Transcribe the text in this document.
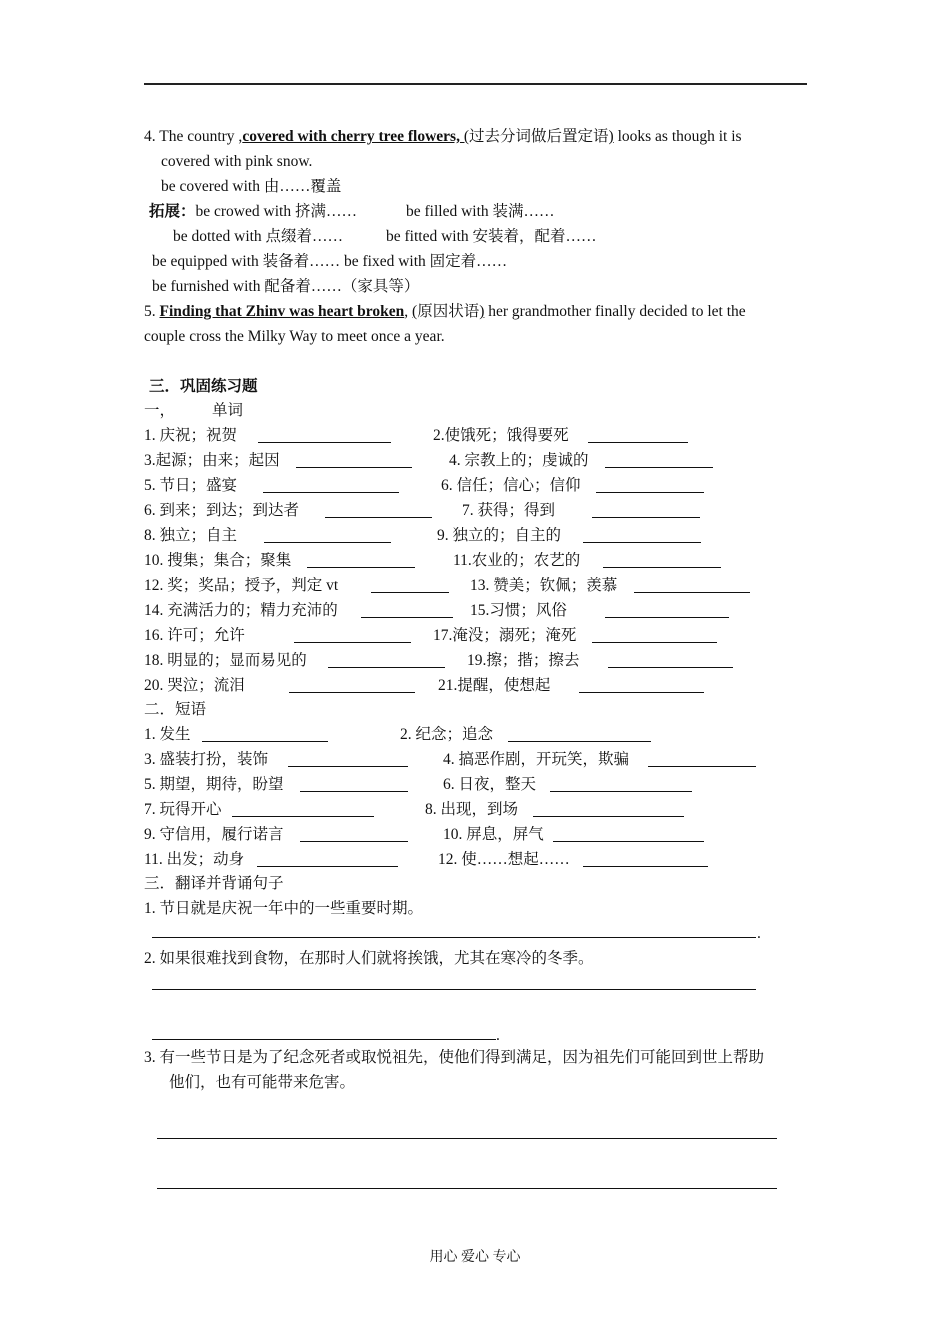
4. The country ,covered with cherry tree flowers, (过去分词做后置定语) looks as though it is
covered with pink snow.
be covered with 由……覆盖
拓展：be crowed with 挤满……	be filled with 装满……
be dotted with 点缀着……	be fitted with 安装着，配着……
be equipped with 装备着…… be fixed with 固定着……
be furnished with 配备着……（家具等）
5. Finding that Zhinv was heart broken, (原因状语) her grandmother finally decided to let the
couple cross the Milky Way to meet once a year.
三．巩固练习题
一， 单词
1. 庆祝；祝贺	2.使饿死；饿得要死
3.起源；由来；起因	4. 宗教上的；虔诚的
5. 节日；盛宴	6. 信任；信心；信仰
6. 到来；到达；到达者	7. 获得；得到
8. 独立；自主	9. 独立的；自主的
10. 搜集；集合；聚集	11.农业的；农艺的
12. 奖；奖品；授予，判定 vt	13. 赞美；钦佩；羡慕
14. 充满活力的；精力充沛的	15.习惯；风俗
16. 许可；允许	17.淹没；溺死；淹死
18. 明显的；显而易见的	19.擦；揩；擦去
20. 哭泣；流泪	21.提醒，使想起
二．短语
1. 发生	2. 纪念；追念
3. 盛装打扮，装饰	4. 搞恶作剧，开玩笑，欺骗
5. 期望，期待，盼望	6. 日夜，整天
7. 玩得开心	8. 出现，到场
9. 守信用，履行诺言	10. 屏息，屏气
11. 出发；动身	12. 使……想起……
三．翻译并背诵句子
1. 节日就是庆祝一年中的一些重要时期。
.
2. 如果很难找到食物，在那时人们就将挨饿，尤其在寒冷的冬季。
.
3. 有一些节日是为了纪念死者或取悦祖先，使他们得到满足，因为祖先们可能回到世上帮助
他们，也有可能带来危害。
用心 爱心 专心
